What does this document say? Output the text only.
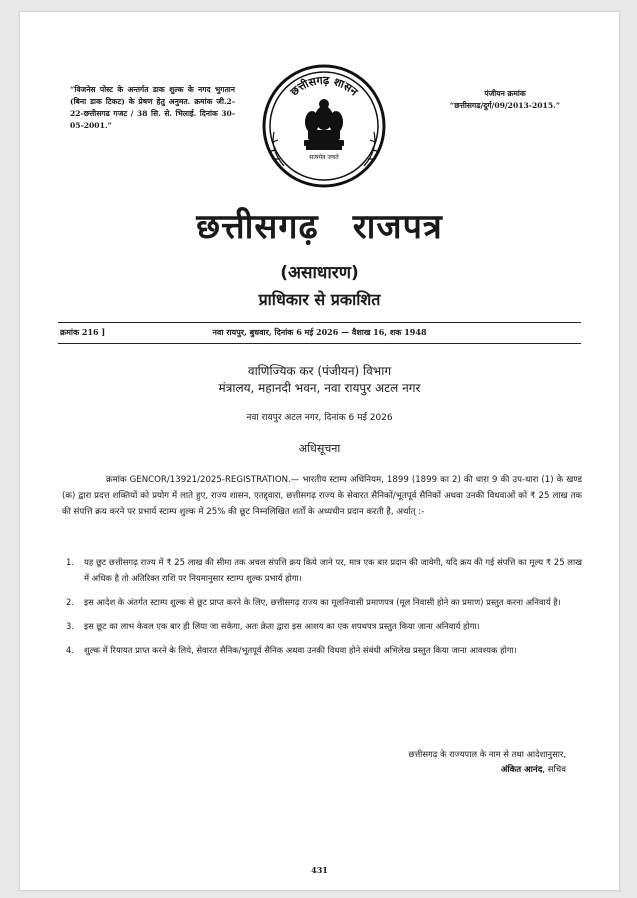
“विजनेस पोस्ट के अन्तर्गत डाक शुल्क के नगद भुगतान (बिना डाक टिकट) के प्रेषण हेतु अनुमत. क्रमांक जी.2-22-छत्तीसगढ गजट / 38 सि. से. भिलाई. दिनांक 30-05-2001.”
पंजीयन क्रमांक
“छत्तीसगढ/दुर्ग/09/2013-2015.”
छत्तीसगढ़ शासन
सत्यमेव जयते
छत्तीसगढ़ राजपत्र
(असाधारण)
प्राधिकार से प्रकाशित
क्रमांक 216 ]	नवा रायपुर, बुधवार, दिनांक 6 मई 2026 — वैशाख 16, शक 1948
वाणिज्यिक कर (पंजीयन) विभाग
मंत्रालय, महानदी भवन, नवा रायपुर अटल नगर
नवा रायपुर अटल नगर, दिनांक 6 मई 2026
अधिसूचना
क्रमांक GENCOR/13921/2025-REGISTRATION.— भारतीय स्टाम्प अधिनियम, 1899 (1899 का 2) की धारा 9 की उप-धारा (1) के खण्ड (क) द्वारा प्रदत्त शक्तियों को प्रयोग में लाते हुए, राज्य शासन, एतद्द्वारा, छत्तीसगढ़ राज्य के सेवारत सैनिकों/भूतपूर्व सैनिकों अथवा उनकी विधवाओं को ₹ 25 लाख तक की संपत्ति क्रय करने पर प्रभार्य स्टाम्प शुल्क में 25% की छूट निम्नलिखित शर्तों के अध्यधीन प्रदान करती है, अर्थात् :-
1. यह छूट छत्तीसगढ़ राज्य में ₹ 25 लाख की सीमा तक अचल संपत्ति क्रय किये जाने पर, मात्र एक बार प्रदान की जावेगी, यदि क्रय की गई संपत्ति का मूल्य ₹ 25 लाख में अधिक है तो अतिरिक्त राशि पर नियमानुसार स्टाम्प शुल्क प्रभार्य होगा।
2. इस आदेश के अंतर्गत स्टाम्प शुल्क से छूट प्राप्त करने के लिए, छत्तीसगढ़ राज्य का मूलनिवासी प्रमाणपत्र (मूल निवासी होने का प्रमाण) प्रस्तुत करना अनिवार्य है।
3. इस छूट का लाभ केवल एक बार ही लिया जा सकेगा, अतः क्रेता द्वारा इस आशय का एक शपथपत्र प्रस्तुत किया जाना अनिवार्य होगा।
4. शुल्क में रियायत प्राप्त करने के लिये, सेवारत सैनिक/भूतपूर्व सैनिक अथवा उनकी विधवा होने संबंधी अभिलेख प्रस्तुत किया जाना आवश्यक होगा।
छत्तीसगढ़ के राज्यपाल के नाम से तथा आदेशानुसार,
अंकित आनंद, सचिव
431
